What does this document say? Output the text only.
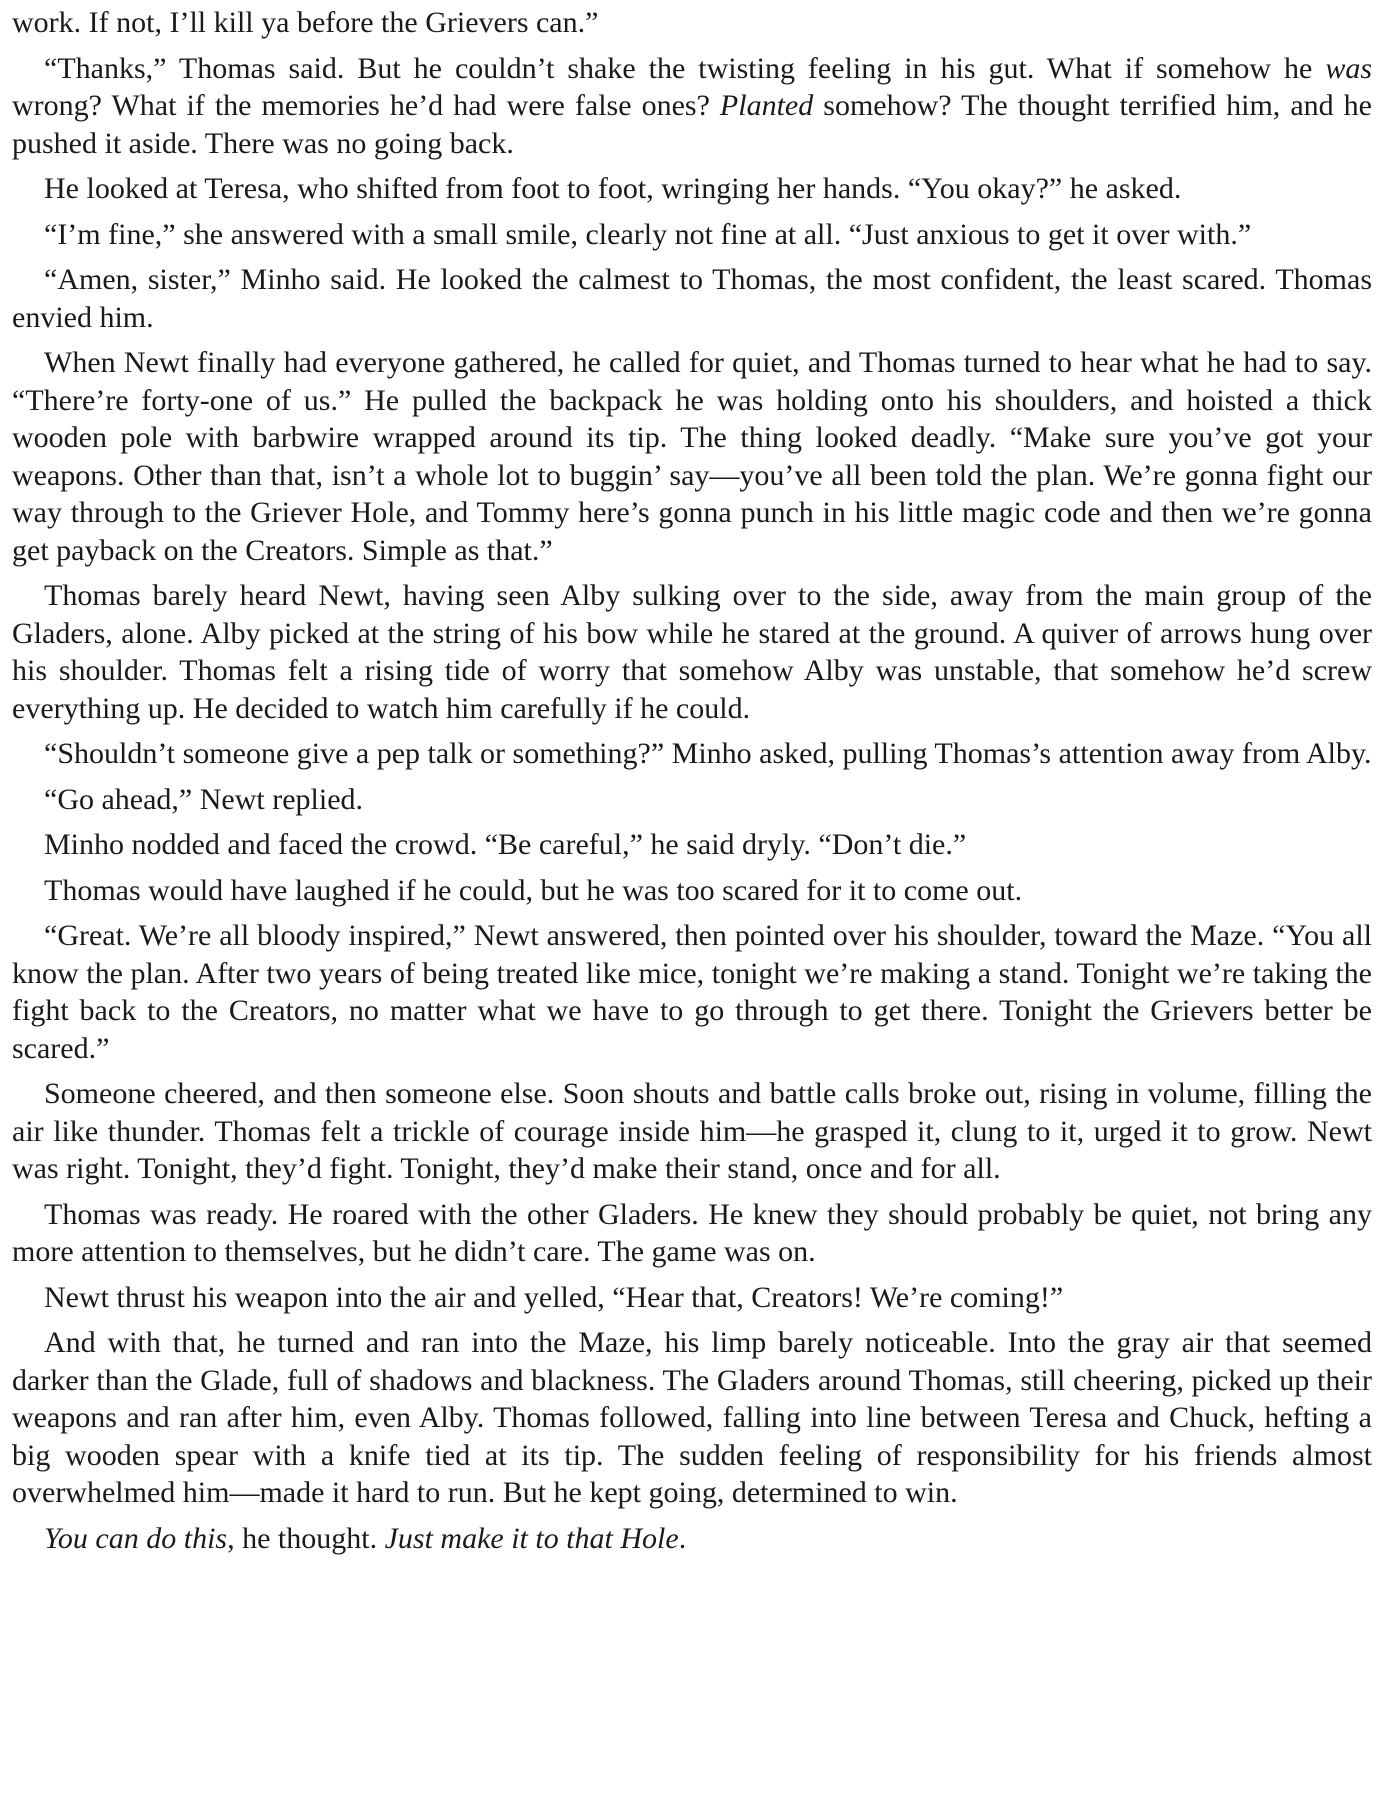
work. If not, I’ll kill ya before the Grievers can.”

“Thanks,” Thomas said. But he couldn’t shake the twisting feeling in his gut. What if somehow he was wrong? What if the memories he’d had were false ones? Planted somehow? The thought terrified him, and he pushed it aside. There was no going back.

He looked at Teresa, who shifted from foot to foot, wringing her hands. “You okay?” he asked.

“I’m fine,” she answered with a small smile, clearly not fine at all. “Just anxious to get it over with.”

“Amen, sister,” Minho said. He looked the calmest to Thomas, the most confident, the least scared. Thomas envied him.

When Newt finally had everyone gathered, he called for quiet, and Thomas turned to hear what he had to say. “There’re forty-one of us.” He pulled the backpack he was holding onto his shoulders, and hoisted a thick wooden pole with barbwire wrapped around its tip. The thing looked deadly. “Make sure you’ve got your weapons. Other than that, isn’t a whole lot to buggin’ say—you’ve all been told the plan. We’re gonna fight our way through to the Griever Hole, and Tommy here’s gonna punch in his little magic code and then we’re gonna get payback on the Creators. Simple as that.”

Thomas barely heard Newt, having seen Alby sulking over to the side, away from the main group of the Gladers, alone. Alby picked at the string of his bow while he stared at the ground. A quiver of arrows hung over his shoulder. Thomas felt a rising tide of worry that somehow Alby was unstable, that somehow he’d screw everything up. He decided to watch him carefully if he could.

“Shouldn’t someone give a pep talk or something?” Minho asked, pulling Thomas’s attention away from Alby.

“Go ahead,” Newt replied.

Minho nodded and faced the crowd. “Be careful,” he said dryly. “Don’t die.”

Thomas would have laughed if he could, but he was too scared for it to come out.

“Great. We’re all bloody inspired,” Newt answered, then pointed over his shoulder, toward the Maze. “You all know the plan. After two years of being treated like mice, tonight we’re making a stand. Tonight we’re taking the fight back to the Creators, no matter what we have to go through to get there. Tonight the Grievers better be scared.”

Someone cheered, and then someone else. Soon shouts and battle calls broke out, rising in volume, filling the air like thunder. Thomas felt a trickle of courage inside him—he grasped it, clung to it, urged it to grow. Newt was right. Tonight, they’d fight. Tonight, they’d make their stand, once and for all.

Thomas was ready. He roared with the other Gladers. He knew they should probably be quiet, not bring any more attention to themselves, but he didn’t care. The game was on.

Newt thrust his weapon into the air and yelled, “Hear that, Creators! We’re coming!”

And with that, he turned and ran into the Maze, his limp barely noticeable. Into the gray air that seemed darker than the Glade, full of shadows and blackness. The Gladers around Thomas, still cheering, picked up their weapons and ran after him, even Alby. Thomas followed, falling into line between Teresa and Chuck, hefting a big wooden spear with a knife tied at its tip. The sudden feeling of responsibility for his friends almost overwhelmed him—made it hard to run. But he kept going, determined to win.

You can do this, he thought. Just make it to that Hole.
